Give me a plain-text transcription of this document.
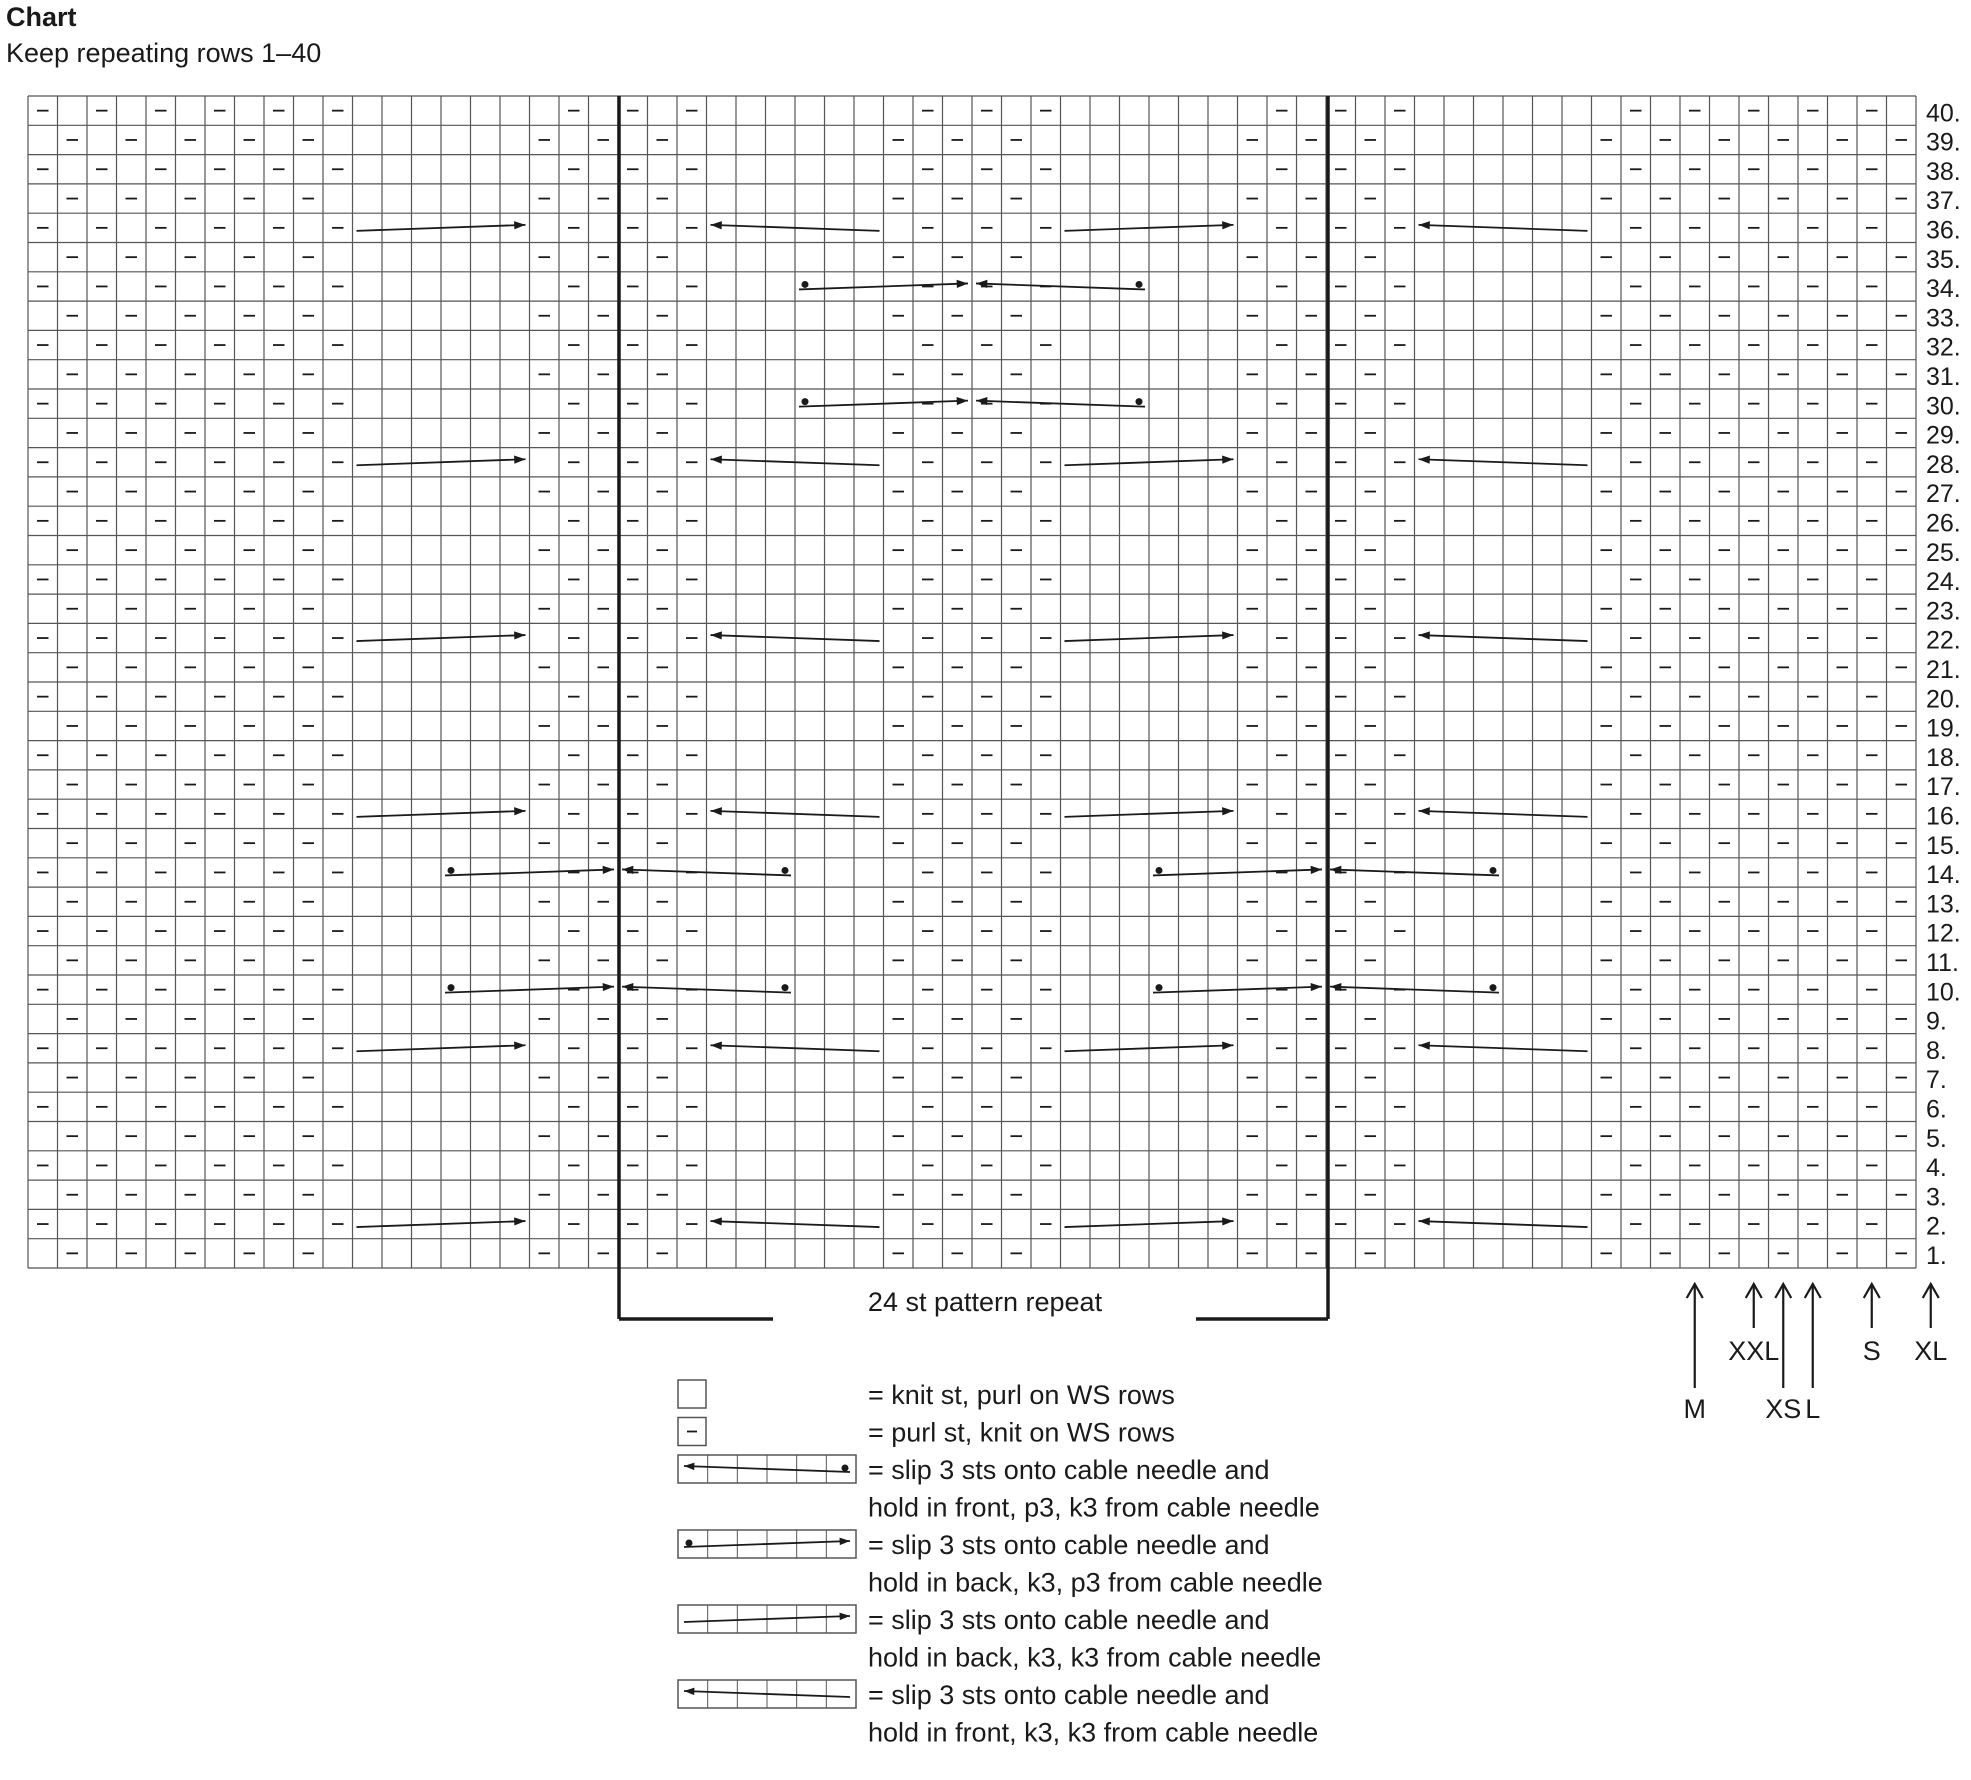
Chart
Keep repeating rows 1–40
1.
2.
3.
4.
5.
6.
7.
8.
9.
10.
11.
12.
13.
14.
15.
16.
17.
18.
19.
20.
21.
22.
23.
24.
25.
26.
27.
28.
29.
30.
31.
32.
33.
34.
35.
36.
37.
38.
39.
40.
24 st pattern repeat
M
XXL
XS L
S XL
= knit st, purl on WS rows
= purl st, knit on WS rows
= slip 3 sts onto cable needle and
hold in front, p3, k3 from cable needle
= slip 3 sts onto cable needle and
hold in back, k3, p3 from cable needle
= slip 3 sts onto cable needle and
hold in back, k3, k3 from cable needle
= slip 3 sts onto cable needle and
hold in front, k3, k3 from cable needle
